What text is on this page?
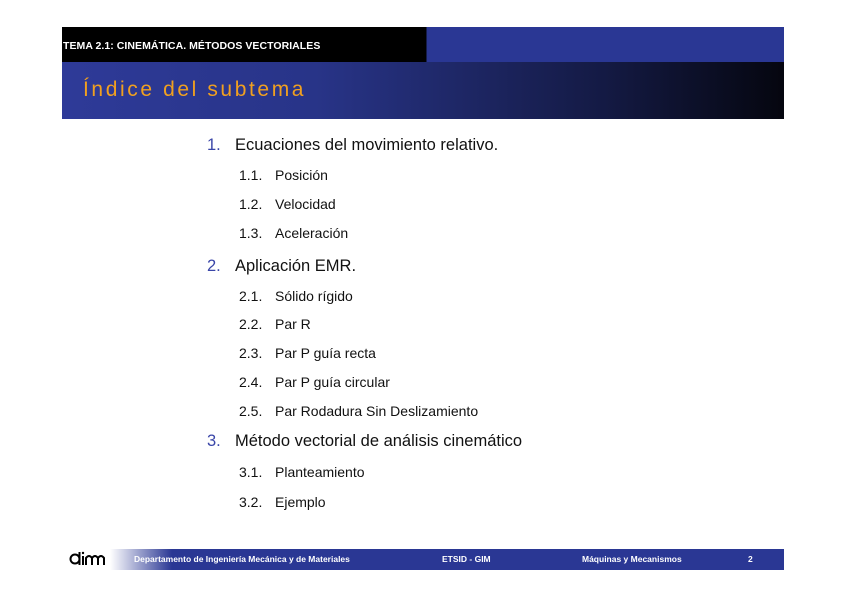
TEMA 2.1: CINEMÁTICA. MÉTODOS VECTORIALES
Índice del subtema
1. Ecuaciones del movimiento relativo.
1.1. Posición
1.2. Velocidad
1.3. Aceleración
2. Aplicación EMR.
2.1. Sólido rígido
2.2. Par R
2.3. Par P guía recta
2.4. Par P guía circular
2.5. Par Rodadura Sin Deslizamiento
3. Método vectorial de análisis cinemático
3.1. Planteamiento
3.2. Ejemplo
Departamento de Ingeniería Mecánica y de Materiales	ETSID - GIM	Máquinas y Mecanismos	2
